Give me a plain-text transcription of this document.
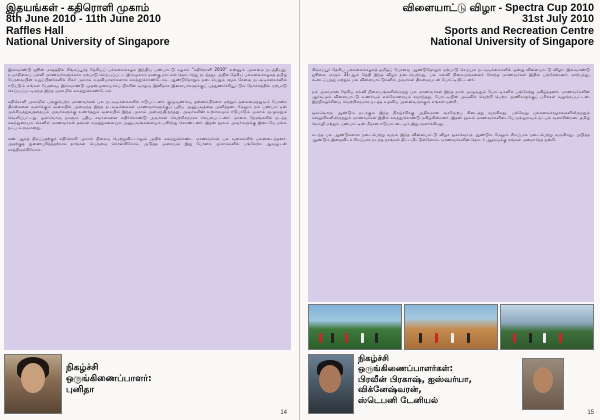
இதயங்கள் - கதிரொளி முகாம்
8th June 2010 - 11th June 2010
Raffles Hall
National University of Singapore

இவ்வாண்டு ஜூன் மாதத்தில் சிங்கப்பூர்த் தேசியப் பல்கலைக்கழக இந்திய பண்பாட்டு கழகம் “கதிரொளி 2010” என்னும் முகாமை நடத்தியது. உயர்நிலைப் பள்ளி மாணவர்களுக்காக ஏற்பாடு செய்யப்பட்ட இம்முகாம் நான்கு நாட்கள் தொடர்ந்து நடந்தது. அதில் தேசிய பல்கலைக்கழகத் தமிழ் பேரவையின் உறுப்பினர்களில் சிலர் முகாம் உதவியாளர்களாக கலந்துகொண்டோம். ஆண்டுதோறும் நடைபெறும் சமூக சேவை நடவடிக்கைகளில் ஈடுபடும் எங்கள் பேரவை, இவ்வாண்டு முதன்முறையாகப் பிறரின் வாழ்வு இனிதாக இளையர்களுக்குப் புத்துணர்ச்சியூட்டும் நோக்கத்தில் ஏற்பாடு செய்யப்பட்டிருந்த இந்த முகாமில் கலந்துகொண்டோம்.

கதிரொளி முகாமில் பங்குபெற்ற மாணவர்கள் பல நடவடிக்கைகளில் ஈடுபட்டனர். குழுவுணர்வு, தன்னம்பிக்கை மற்றும் தலைமைத்துவம் போன்ற திறன்களை வளர்க்கும் வகையில் அமைந்த இந்த நடவடிக்கைகள் மாணவர்களுக்குப் புதிய அனுபவத்தை அளித்தன. மேலும் நம் பண்பாட்டின் முக்கியத்துவத்தையும் அவர்களுக்கு உணர்த்தும் வகையில் இந்த முகாம் அமைந்திருந்தது. அவர்களின் உற்சாகமும் ஈடுபாடும் முகாம் முழுவதும் வெளிப்பட்டது. ஒவ்வொரு நாளும் புதிய சவால்களை எதிர்கொண்டு அவர்கள் வெற்றிகரமாக செயல்பட்டனர். மாலை நேரங்களில் நடந்த கலந்துரையாடல்களில் மாணவர்கள் தங்கள் கருத்துகளையும் அனுபவங்களையும் பகிர்ந்து கொண்டனர். இதன் மூலம் அவர்களுக்கு இடையே நல்ல நட்பு உருவானது.

கண் ஆகத் திறப்பதற்குக் கதிரொளி முகாம் நிறைவு பெற்றுவிட்டாலும் அதில் கலந்துகொண்ட மாணவர்கள் பல வகைகளில் பலனடைந்தனர். அதற்குத் துணைபுரிந்ததற்காக நாங்கள் பெருமை கொள்கிறோம். அடுத்த முறையும் இது போன்ற முகாம்களில் பங்கேற்க ஆவலுடன் காத்திருக்கிறோம்.

நிகழ்ச்சி
ஒருங்கிணைப்பாளர்:
புனிதா
14
விளையாட்டு விழா - Spectra Cup 2010
31st July 2010
Sports and Recreation Centre
National University of Singapore

சிங்கப்பூர் தேசிய பல்கலைக்கழகத் தமிழ்ப் பேரவை ஆண்டுதோறும் ஏற்பாடு செய்யும் நடவடிக்கைகளில் ஒன்று விளையாட்டு விழா. இவ்வாண்டு ஜூலை மாதம் 31-ஆம் தேதி இந்த விழா நடைபெற்றது. பல கல்வி நிலையங்களைச் சேர்ந்த மாணவர்கள் இதில் பங்கேற்றனர். காற்பந்து, கூடைப்பந்து மற்றும் பல விளையாட்டுகளில் அவர்கள் திறமையுடன் போட்டியிட்டனர்.

நம் முகாமான் தேசிய கல்வி நிலையங்களிலிருந்து பல மாணவர்கள் இந்த நாள் முழுவதும் போட்டிகளில் பங்கேற்று மகிழ்ந்தனர். மாணவர்களின் ஆர்வமும் விளையாட்டு உணர்வும் எல்லோரையும் கவர்ந்தது. போட்டியின் முடிவில் வெற்றி பெற்ற அணிகளுக்குப் பரிசுகள் வழங்கப்பட்டன. இந்நிகழ்ச்சியை வெற்றிகரமாக நடத்த உதவிய அனைவருக்கும் எங்கள் நன்றி.

ஒவ்வொரு ஆண்டும் நடக்கும் இந்த நிகழ்ச்சிக்கு அதிகமான வரவேற்பு கிடைத்து வருகிறது. பல்வேறு பல்கலைக்கழகங்களிலிருந்தும் கல்லூரிகளிலிருந்தும் மாணவர்கள் இதில் கலந்துகொண்டு மகிழ்கின்றனர். இதன் மூலம் மாணவர்களிடையே நல்லுறவும் நட்பும் வளர்கின்றன. தமிழ் மொழி மற்றும் பண்பாட்டின் மீதான ஈடுபாட்டையும் இது வளர்க்கிறது.

கடந்த பல ஆண்டுகளாக நடைபெற்று வரும் இந்த விளையாட்டு விழா ஒவ்வொரு ஆண்டும் மேலும் சிறப்பாக நடைபெற்று வருகிறது. அடுத்த ஆண்டும் இதைவிடச் சிறப்பாக நடத்த நாங்கள் திட்டமிட்டுள்ளோம். மாணவர்களின் தொடர் ஆதரவுக்கு எங்கள் மனமார்ந்த நன்றி.

நிகழ்ச்சி
ஒருங்கிணைப்பாளர்கள்:
பிரவீன் பிரகாஷ், ஐஸ்வர்யா,
விக்னேஷ்வரன்,
ஸ்டெபனி டேனியல்
15
